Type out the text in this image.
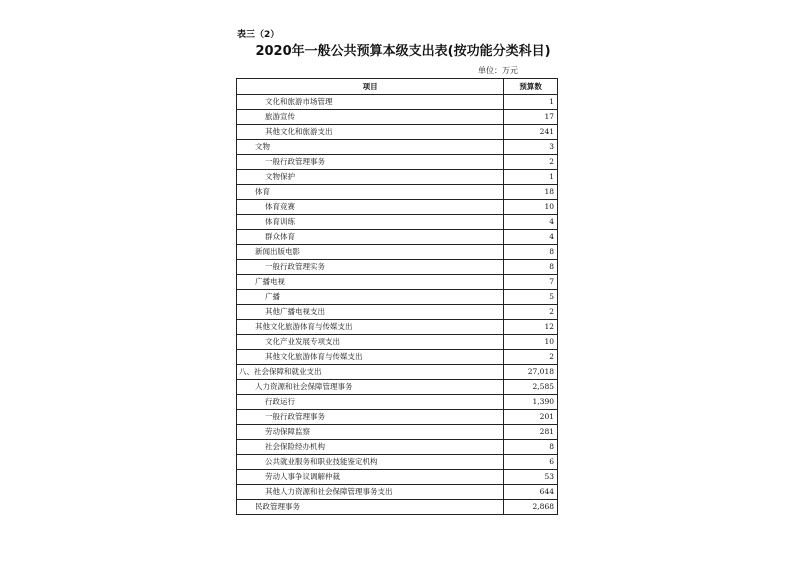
表三（2）
2020年一般公共预算本级支出表(按功能分类科目)
单位：万元
项目	预算数
文化和旅游市场管理	1
旅游宣传	17
其他文化和旅游支出	241
文物	3
一般行政管理事务	2
文物保护	1
体育	18
体育竞赛	10
体育训练	4
群众体育	4
新闻出版电影	8
一般行政管理实务	8
广播电视	7
广播	5
其他广播电视支出	2
其他文化旅游体育与传媒支出	12
文化产业发展专项支出	10
其他文化旅游体育与传媒支出	2
八、社会保障和就业支出	27,018
人力资源和社会保障管理事务	2,585
行政运行	1,390
一般行政管理事务	201
劳动保障监察	281
社会保险经办机构	8
公共就业服务和职业技能鉴定机构	6
劳动人事争议调解仲裁	53
其他人力资源和社会保障管理事务支出	644
民政管理事务	2,868
